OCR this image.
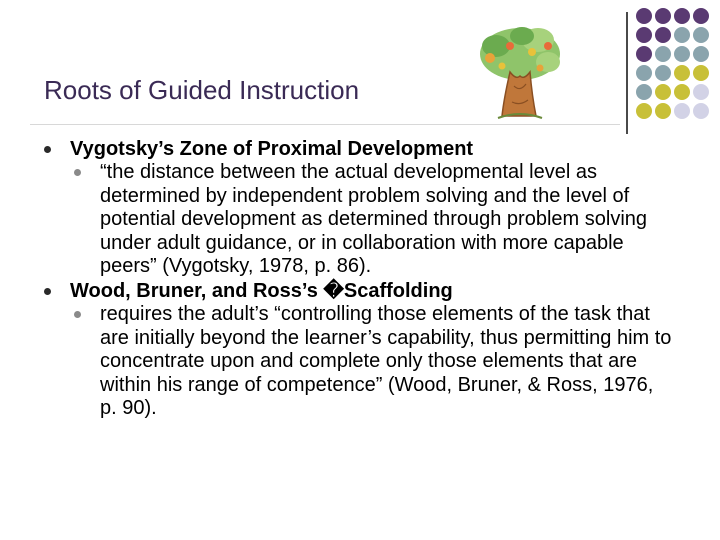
Roots of Guided Instruction
Vygotsky’s Zone of Proximal Development
“the distance between the actual developmental level as determined by independent problem solving and the level of potential development as determined through problem solving under adult guidance, or in collaboration with more capable peers” (Vygotsky, 1978, p. 86).
Wood, Bruner, and Ross’s �Scaffolding
requires the adult’s “controlling those elements of the task that are initially beyond the learner’s capability, thus permitting him to concentrate upon and complete only those elements that are within his range of competence” (Wood, Bruner, & Ross, 1976, p. 90).
